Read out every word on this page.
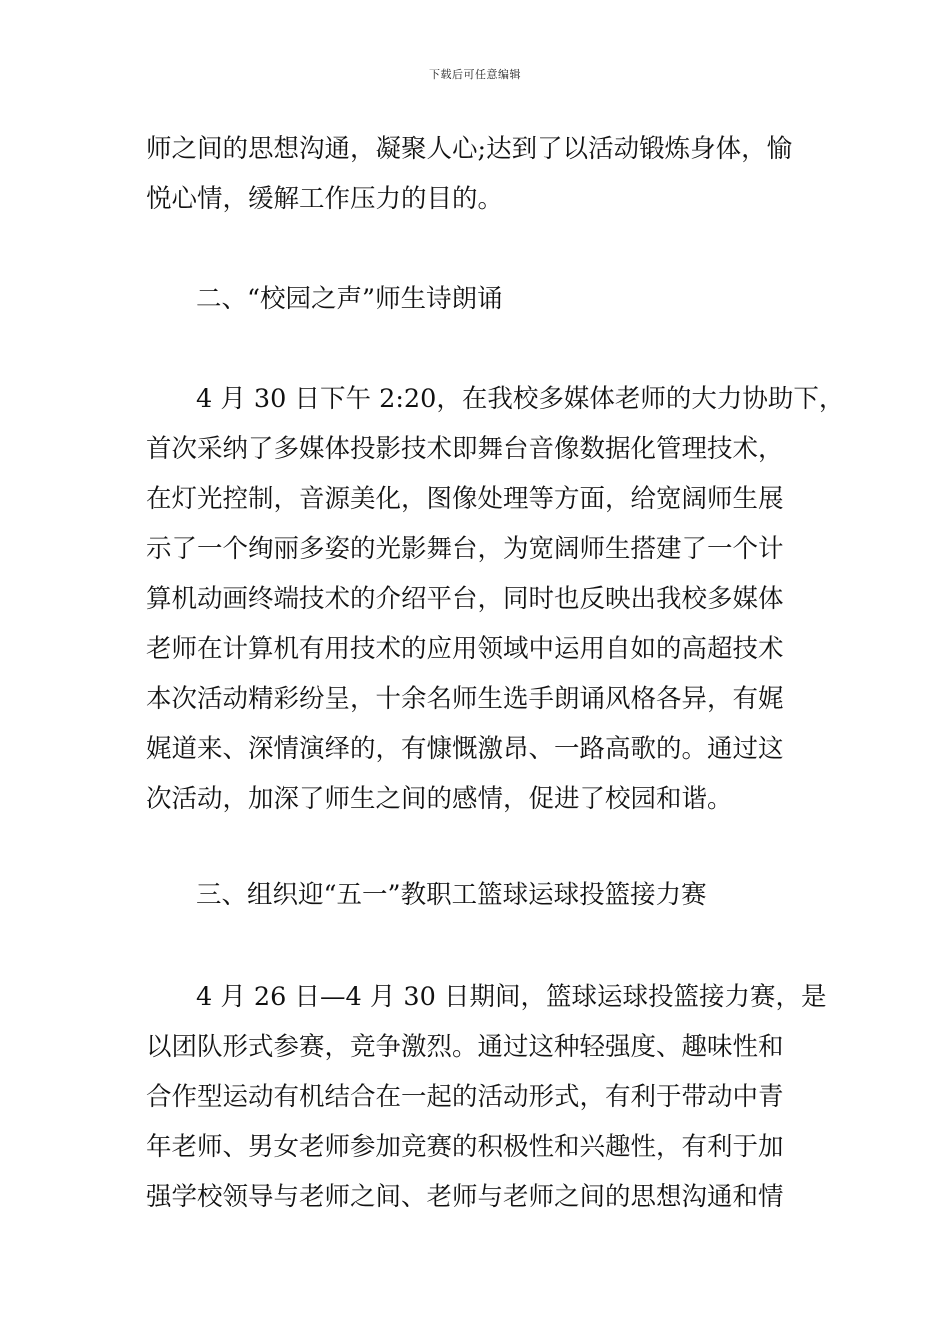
下载后可任意编辑
师之间的思想沟通，凝聚人心;达到了以活动锻炼身体，愉
悦心情，缓解工作压力的目的。
二、“校园之声”师生诗朗诵
4 月 30 日下午 2:20，在我校多媒体老师的大力协助下，
首次采纳了多媒体投影技术即舞台音像数据化管理技术，
在灯光控制，音源美化，图像处理等方面，给宽阔师生展
示了一个绚丽多姿的光影舞台，为宽阔师生搭建了一个计
算机动画终端技术的介绍平台，同时也反映出我校多媒体
老师在计算机有用技术的应用领域中运用自如的高超技术
本次活动精彩纷呈，十余名师生选手朗诵风格各异，有娓
娓道来、深情演绎的，有慷慨激昂、一路高歌的。通过这
次活动，加深了师生之间的感情，促进了校园和谐。
三、组织迎“五一”教职工篮球运球投篮接力赛
4 月 26 日—4 月 30 日期间，篮球运球投篮接力赛，是
以团队形式参赛，竞争激烈。通过这种轻强度、趣味性和
合作型运动有机结合在一起的活动形式，有利于带动中青
年老师、男女老师参加竞赛的积极性和兴趣性，有利于加
强学校领导与老师之间、老师与老师之间的思想沟通和情
